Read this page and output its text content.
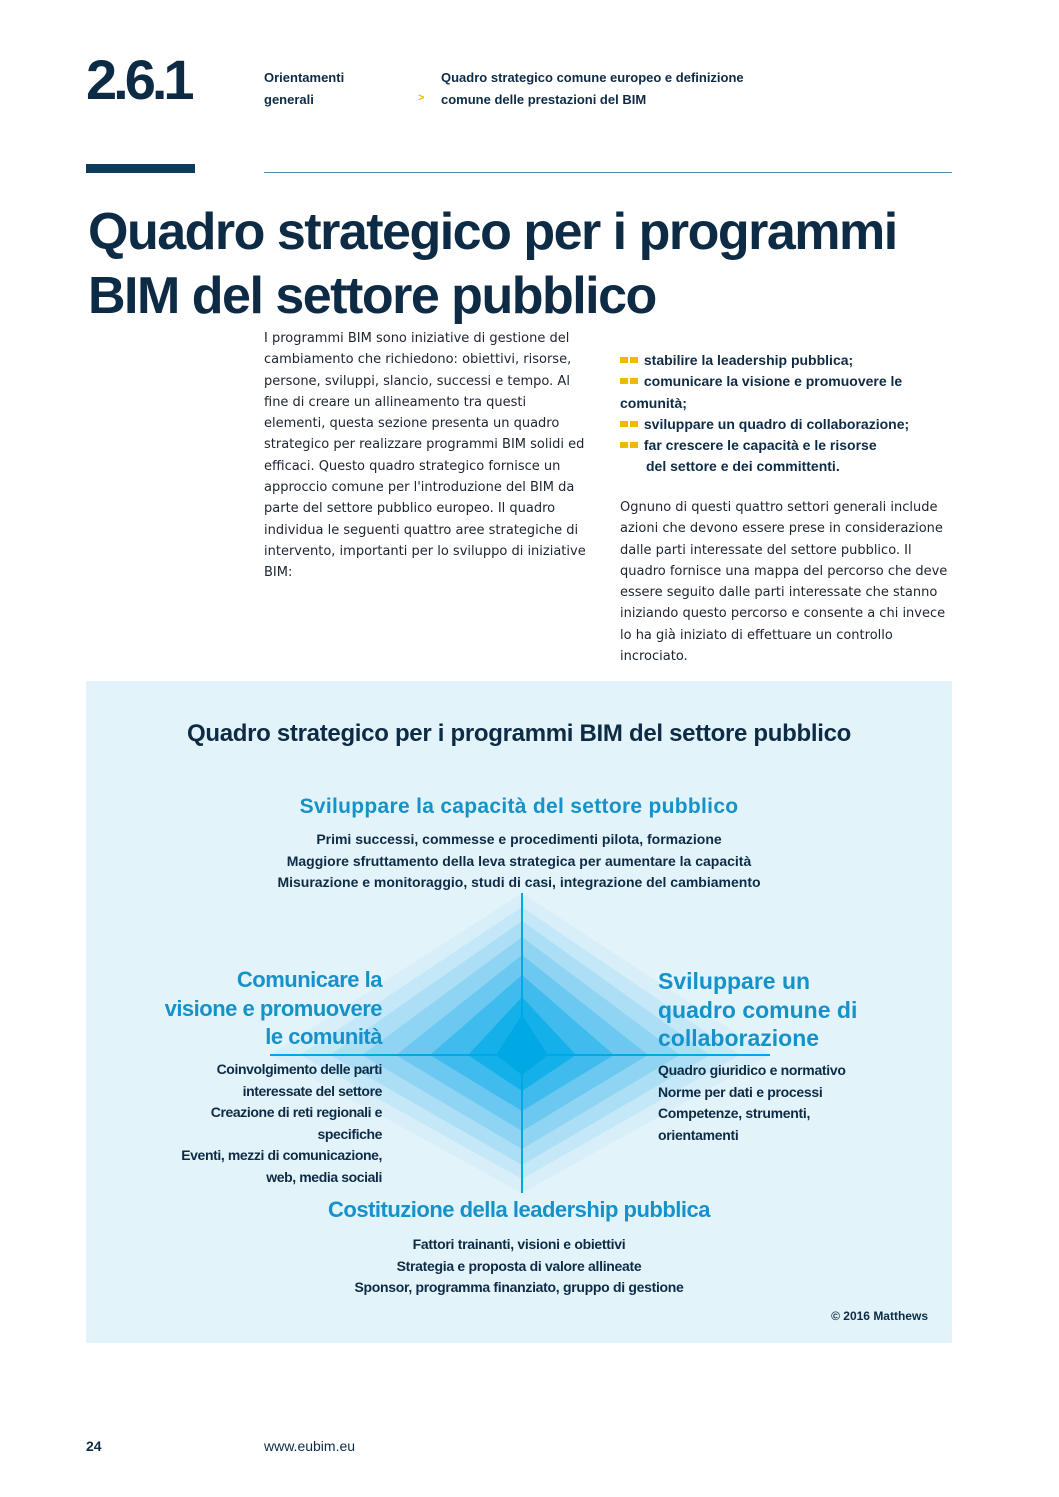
2.6.1	Orientamenti
generali	>
Quadro strategico comune europeo e definizione
comune delle prestazioni del BIM
Quadro strategico per i programmi
BIM del settore pubblico

I programmi BIM sono iniziative di gestione del

cambiamento che richiedono: obiettivi, risorse,

persone, sviluppi, slancio, successi e tempo. Al

fine di creare un allineamento tra questi

elementi, questa sezione presenta un quadro

strategico per realizzare programmi BIM solidi ed

efficaci. Questo quadro strategico fornisce un

approccio comune per l'introduzione del BIM da

parte del settore pubblico europeo. Il quadro

individua le seguenti quattro aree strategiche di

intervento, importanti per lo sviluppo di iniziative

BIM:

stabilire la leadership pubblica;
comunicare la visione e promuovere le
comunità;
sviluppare un quadro di collaborazione;
far crescere le capacità e le risorse
del settore e dei committenti.

Ognuno di questi quattro settori generali include

azioni che devono essere prese in considerazione

dalle parti interessate del settore pubblico. Il

quadro fornisce una mappa del percorso che deve

essere seguito dalle parti interessate che stanno

iniziando questo percorso e consente a chi invece

lo ha già iniziato di effettuare un controllo

incrociato.

Quadro strategico per i programmi BIM del settore pubblico
Sviluppare la capacità del settore pubblico
Primi successi, commesse e procedimenti pilota, formazione
Maggiore sfruttamento della leva strategica per aumentare la capacità
Misurazione e monitoraggio, studi di casi, integrazione del cambiamento
Comunicare la
visione e promuovere
le comunità
Coinvolgimento delle parti
interessate del settore
Creazione di reti regionali e
specifiche
Eventi, mezzi di comunicazione,
web, media sociali
Sviluppare un
quadro comune di
collaborazione
Quadro giuridico e normativo
Norme per dati e processi
Competenze, strumenti,
orientamenti
Costituzione della leadership pubblica
Fattori trainanti, visioni e obiettivi
Strategia e proposta di valore allineate
Sponsor, programma finanziato, gruppo di gestione
© 2016 Matthews
24	www.eubim.eu
